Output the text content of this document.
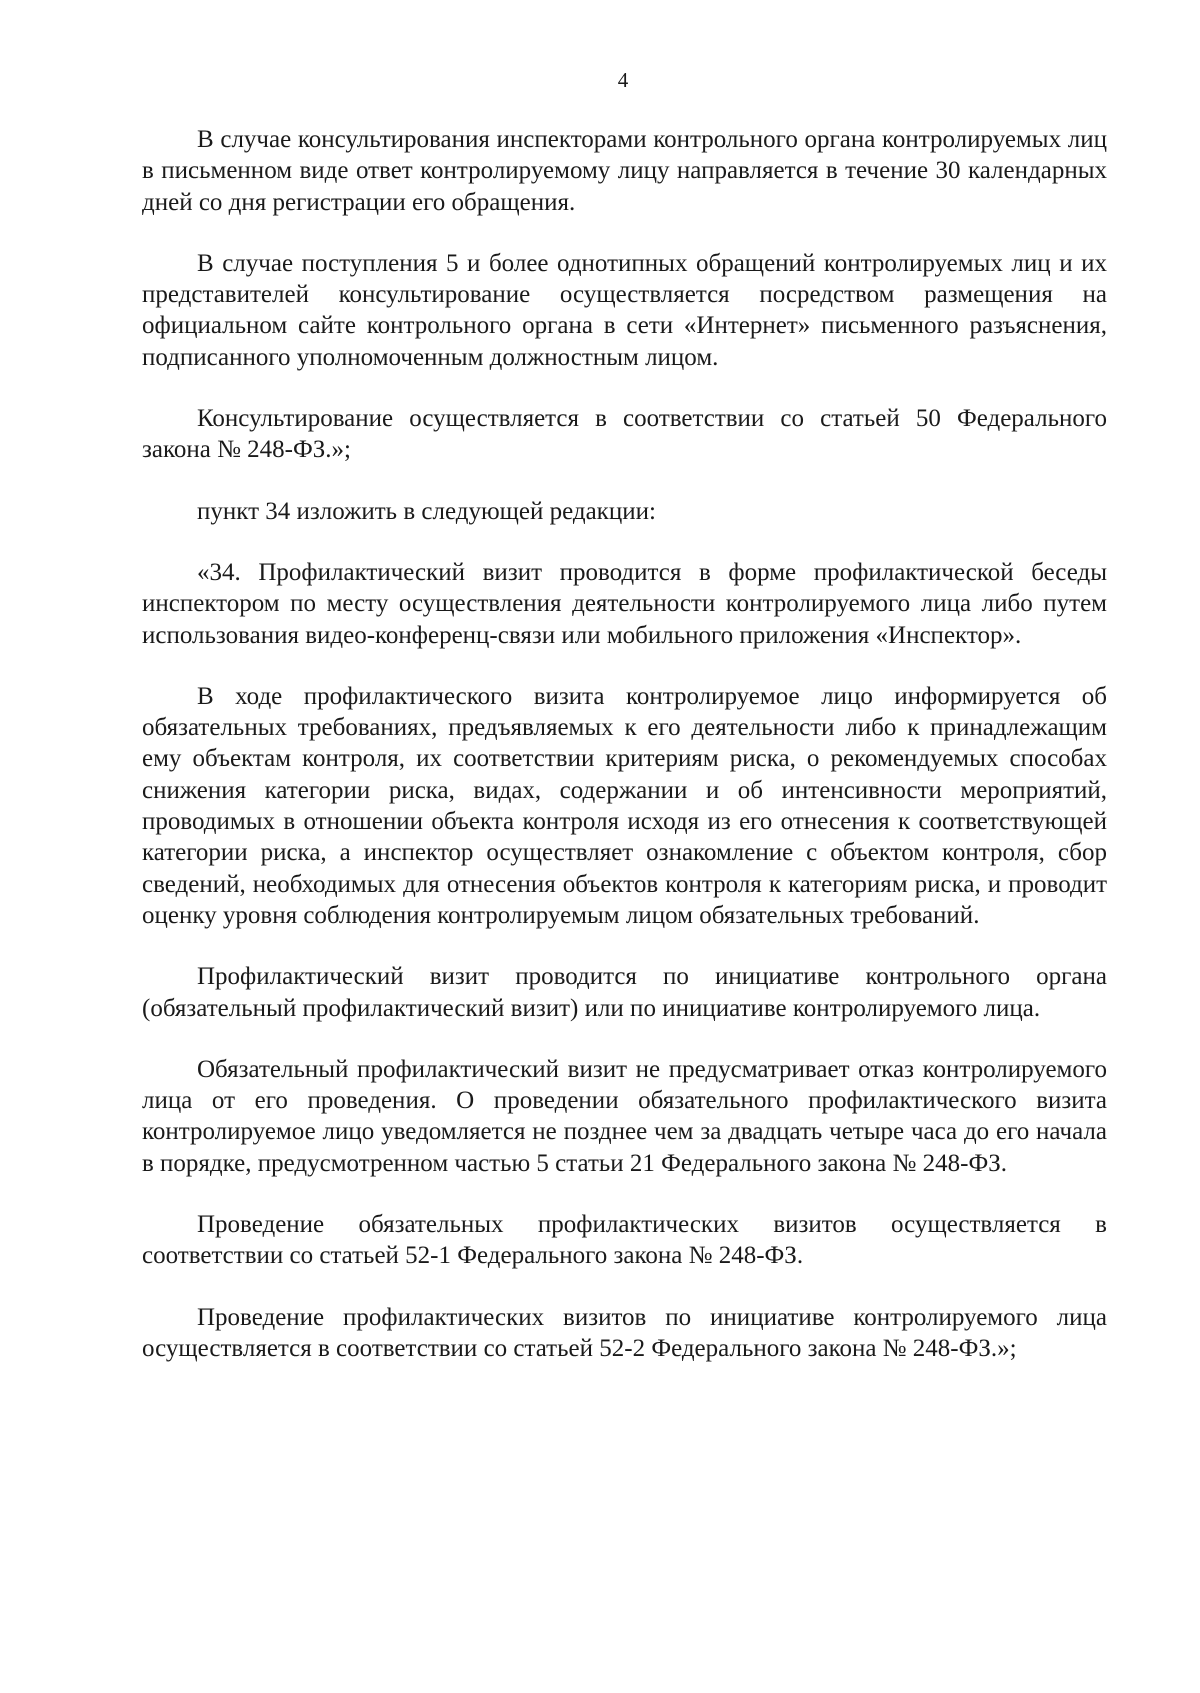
4

В случае консультирования инспекторами контрольного органа контролируемых лиц в письменном виде ответ контролируемому лицу направляется в течение 30 календарных дней со дня регистрации его обращения.

В случае поступления 5 и более однотипных обращений контролируемых лиц и их представителей консультирование осуществляется посредством размещения на официальном сайте контрольного органа в сети «Интернет» письменного разъяснения, подписанного уполномоченным должностным лицом.

Консультирование осуществляется в соответствии со статьей 50 Федерального закона № 248-ФЗ.»;

пункт 34 изложить в следующей редакции:

«34. Профилактический визит проводится в форме профилактической беседы инспектором по месту осуществления деятельности контролируемого лица либо путем использования видео-конференц-связи или мобильного приложения «Инспектор».

В ходе профилактического визита контролируемое лицо информируется об обязательных требованиях, предъявляемых к его деятельности либо к принадлежащим ему объектам контроля, их соответствии критериям риска, о рекомендуемых способах снижения категории риска, видах, содержании и об интенсивности мероприятий, проводимых в отношении объекта контроля исходя из его отнесения к соответствующей категории риска, а инспектор осуществляет ознакомление с объектом контроля, сбор сведений, необходимых для отнесения объектов контроля к категориям риска, и проводит оценку уровня соблюдения контролируемым лицом обязательных требований.

Профилактический визит проводится по инициативе контрольного органа (обязательный профилактический визит) или по инициативе контролируемого лица.

Обязательный профилактический визит не предусматривает отказ контролируемого лица от его проведения. О проведении обязательного профилактического визита контролируемое лицо уведомляется не позднее чем за двадцать четыре часа до его начала в порядке, предусмотренном частью 5 статьи 21 Федерального закона № 248-ФЗ.

Проведение обязательных профилактических визитов осуществляется в соответствии со статьей 52-1 Федерального закона № 248-ФЗ.

Проведение профилактических визитов по инициативе контролируемого лица осуществляется в соответствии со статьей 52-2 Федерального закона № 248-ФЗ.»;
